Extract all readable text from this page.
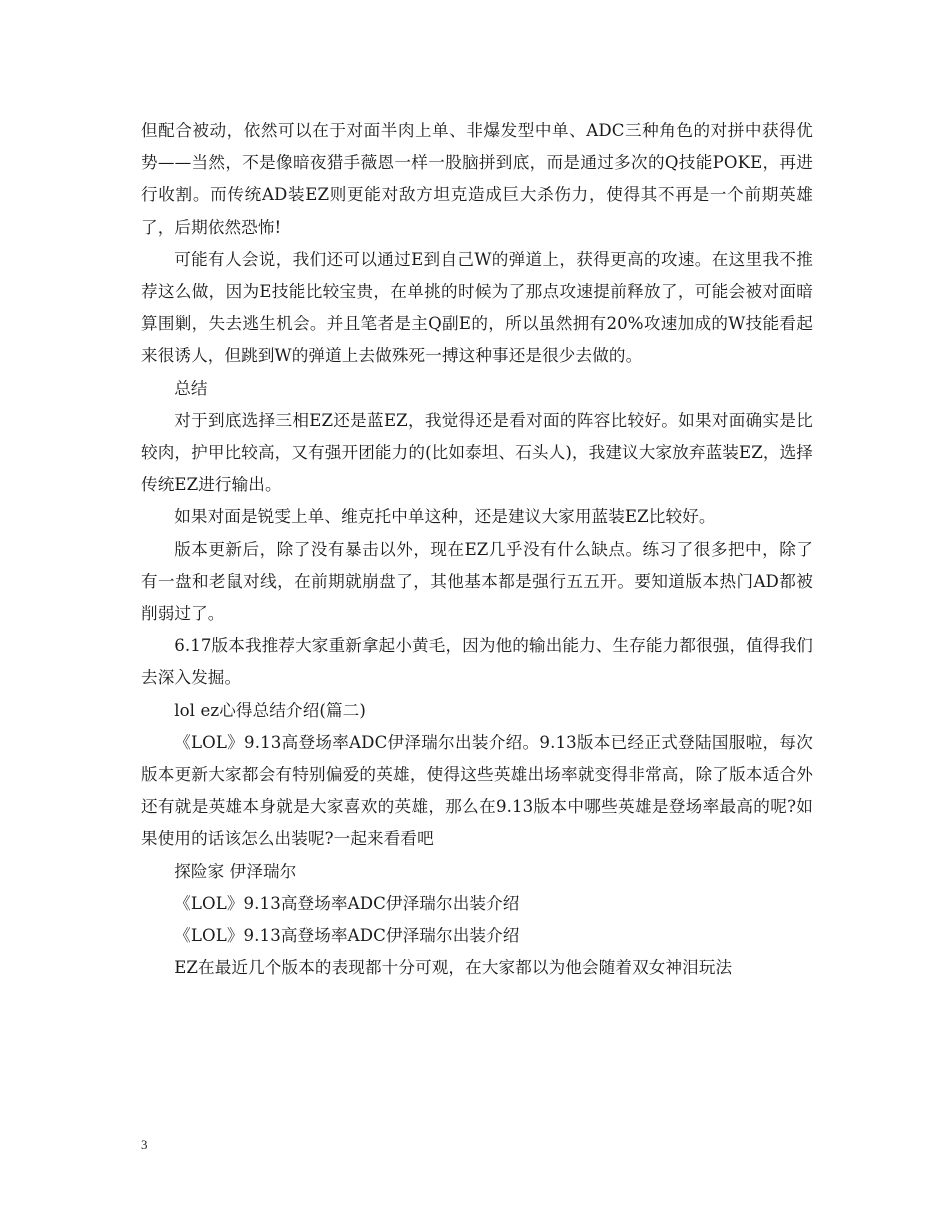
但配合被动，依然可以在于对面半肉上单、非爆发型中单、ADC三种角色的对拼中获得优势——当然，不是像暗夜猎手薇恩一样一股脑拼到底，而是通过多次的Q技能POKE，再进行收割。而传统AD装EZ则更能对敌方坦克造成巨大杀伤力，使得其不再是一个前期英雄了，后期依然恐怖!

可能有人会说，我们还可以通过E到自己W的弹道上，获得更高的攻速。在这里我不推荐这么做，因为E技能比较宝贵，在单挑的时候为了那点攻速提前释放了，可能会被对面暗算围剿，失去逃生机会。并且笔者是主Q副E的，所以虽然拥有20%攻速加成的W技能看起来很诱人，但跳到W的弹道上去做殊死一搏这种事还是很少去做的。

总结

对于到底选择三相EZ还是蓝EZ，我觉得还是看对面的阵容比较好。如果对面确实是比较肉，护甲比较高，又有强开团能力的(比如泰坦、石头人)，我建议大家放弃蓝装EZ，选择传统EZ进行输出。

如果对面是锐雯上单、维克托中单这种，还是建议大家用蓝装EZ比较好。

版本更新后，除了没有暴击以外，现在EZ几乎没有什么缺点。练习了很多把中，除了有一盘和老鼠对线，在前期就崩盘了，其他基本都是强行五五开。要知道版本热门AD都被削弱过了。

6.17版本我推荐大家重新拿起小黄毛，因为他的输出能力、生存能力都很强，值得我们去深入发掘。

lol ez心得总结介绍(篇二)

《LOL》9.13高登场率ADC伊泽瑞尔出装介绍。9.13版本已经正式登陆国服啦，每次版本更新大家都会有特别偏爱的英雄，使得这些英雄出场率就变得非常高，除了版本适合外还有就是英雄本身就是大家喜欢的英雄，那么在9.13版本中哪些英雄是登场率最高的呢?如果使用的话该怎么出装呢?一起来看看吧

探险家 伊泽瑞尔

《LOL》9.13高登场率ADC伊泽瑞尔出装介绍

《LOL》9.13高登场率ADC伊泽瑞尔出装介绍

EZ在最近几个版本的表现都十分可观，在大家都以为他会随着双女神泪玩法

3
